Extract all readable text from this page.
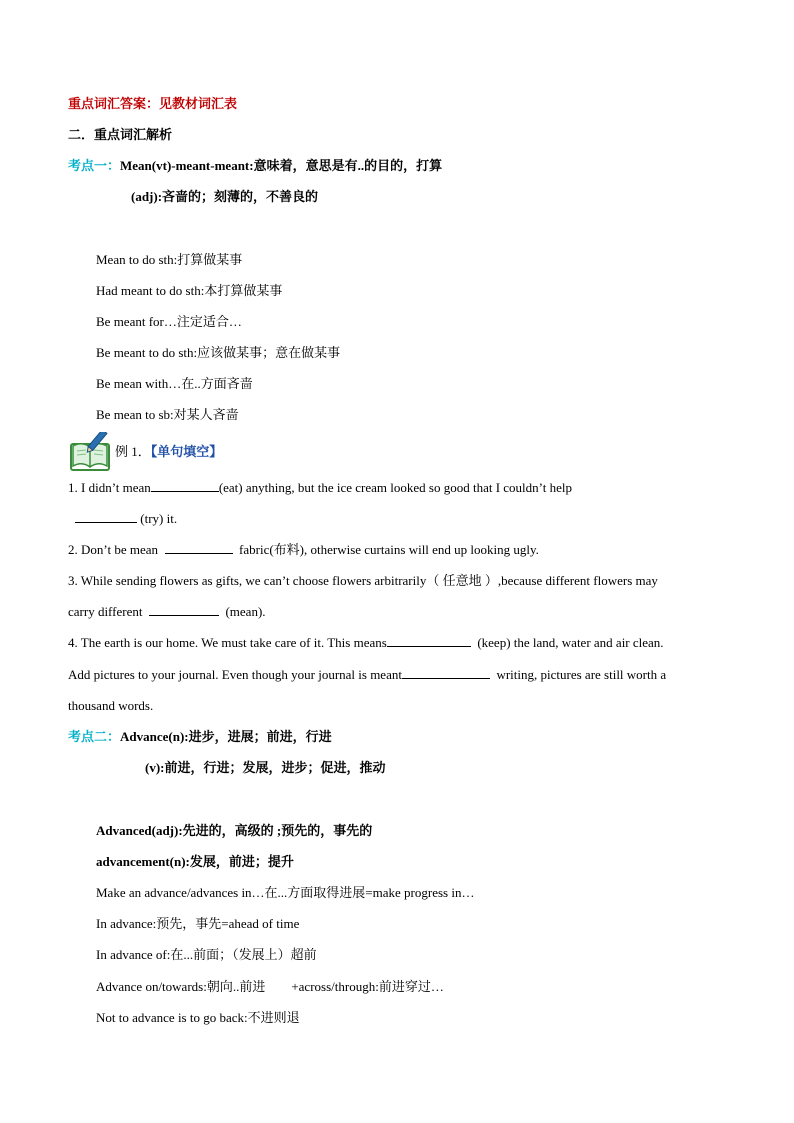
重点词汇答案：见教材词汇表
二．重点词汇解析
考点一：Mean(vt)-meant-meant:意味着，意思是有..的目的，打算
(adj):吝啬的；刻薄的，不善良的
Mean to do sth:打算做某事
Had meant to do sth:本打算做某事
Be meant for…注定适合…
Be meant to do sth:应该做某事；意在做某事
Be mean with…在..方面吝啬
Be mean to sb:对某人吝啬
例 1．【单句填空】
1. I didn’t mean	(eat) anything, but the ice cream looked so good that I couldn’t help
(try) it.
2. Don’t be mean	fabric(布料), otherwise curtains will end up looking ugly.
3. While sending flowers as gifts, we can’t choose flowers arbitrarily（ 任意地 ）,because different flowers may
carry different	(mean).
4. The earth is our home. We must take care of it. This means	(keep) the land, water and air clean.
Add pictures to your journal. Even though your journal is meant	writing, pictures are still worth a
thousand words.
考点二：Advance(n):进步，进展；前进，行进
(v):前进，行进；发展，进步；促进，推动
Advanced(adj):先进的，高级的 ;预先的，事先的
advancement(n):发展，前进；提升
Make an advance/advances in…在...方面取得进展=make progress in…
In advance:预先，事先=ahead of time
In advance of:在...前面；（发展上）超前
Advance on/towards:朝向..前进　　+across/through:前进穿过…
Not to advance is to go back:不进则退
